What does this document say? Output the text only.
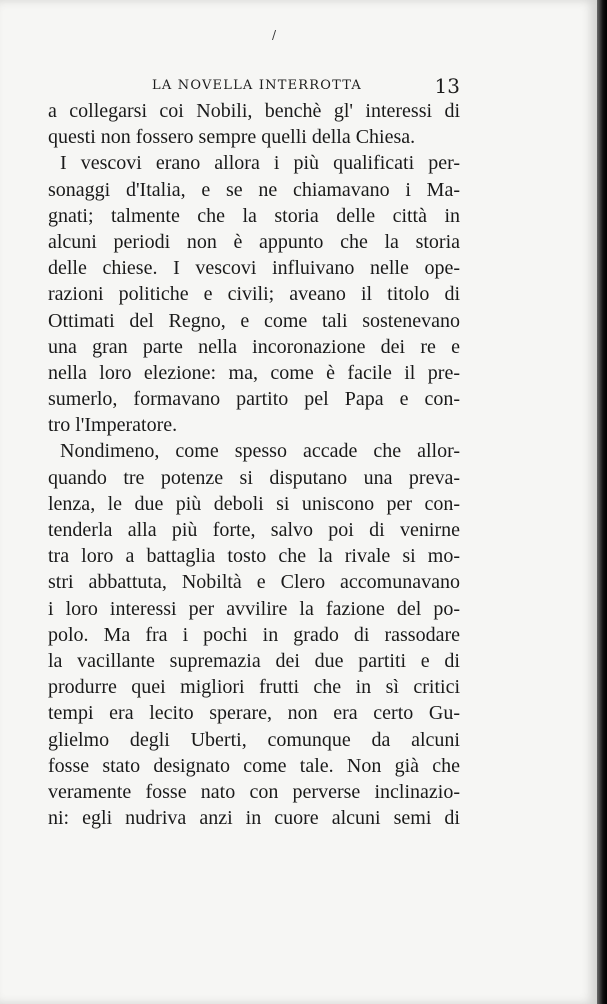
/
LA NOVELLA INTERROTTA	13
a collegarsi coi Nobili, benchè gl' interessi di
questi non fossero sempre quelli della Chiesa.
I vescovi erano allora i più qualificati per-
sonaggi d'Italia, e se ne chiamavano i Ma-
gnati; talmente che la storia delle città in
alcuni periodi non è appunto che la storia
delle chiese. I vescovi influivano nelle ope-
razioni politiche e civili; aveano il titolo di
Ottimati del Regno, e come tali sostenevano
una gran parte nella incoronazione dei re e
nella loro elezione: ma, come è facile il pre-
sumerlo, formavano partito pel Papa e con-
tro l'Imperatore.
Nondimeno, come spesso accade che allor-
quando tre potenze si disputano una preva-
lenza, le due più deboli si uniscono per con-
tenderla alla più forte, salvo poi di venirne
tra loro a battaglia tosto che la rivale si mo-
stri abbattuta, Nobiltà e Clero accomunavano
i loro interessi per avvilire la fazione del po-
polo. Ma fra i pochi in grado di rassodare
la vacillante supremazia dei due partiti e di
produrre quei migliori frutti che in sì critici
tempi era lecito sperare, non era certo Gu-
glielmo degli Uberti, comunque da alcuni
fosse stato designato come tale. Non già che
veramente fosse nato con perverse inclinazio-
ni: egli nudriva anzi in cuore alcuni semi di
